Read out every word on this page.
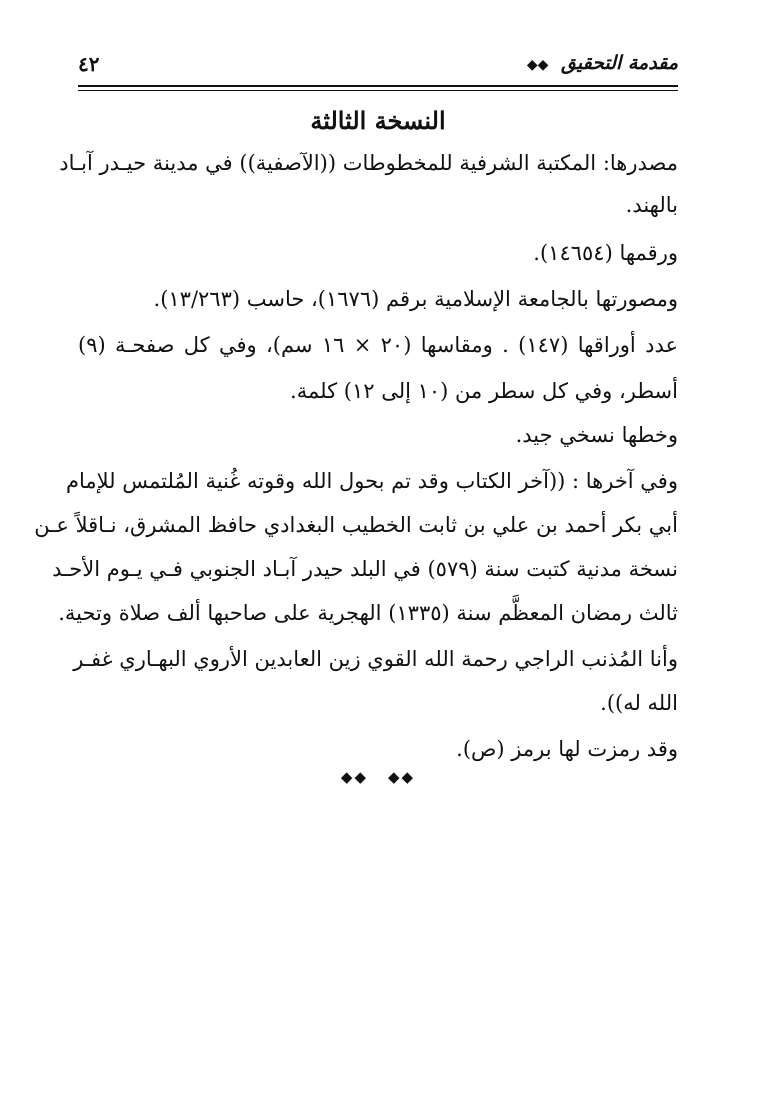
مقدمة التحقيق ◆◆
٤٢
النسخة الثالثة
مصدرها: المكتبة الشرفية للمخطوطات ((الآصفية)) في مدينة حيـدر آبـاد
بالهند.
ورقمها (١٤٦٥٤).
ومصورتها بالجامعة الإسلامية برقم (١٦٧٦)، حاسب (١٣/٢٦٣).
عدد أوراقها (١٤٧) . ومقاسها (٢٠ × ١٦ سم)، وفي كل صفحـة (٩)
أسطر، وفي كل سطر من (١٠ إلى ١٢) كلمة.
وخطها نسخي جيد.
وفي آخرها : ((آخر الكتاب وقد تم بحول الله وقوته غُنية المُلتمس للإمام
أبي بكر أحمد بن علي بن ثابت الخطيب البغدادي حافظ المشرق، نـاقلاً عـن
نسخة مدنية كتبت سنة (٥٧٩) في البلد حيدر آبـاد الجنوبي فـي يـوم الأحـد
ثالث رمضان المعظَّم سنة (١٣٣٥) الهجرية على صاحبها ألف صلاة وتحية.
وأنا المُذنب الراجي رحمة الله القوي زين العابدين الأروي البهـاري غفـر
الله له)).
وقد رمزت لها برمز (ص).
◆◆ ◆◆
